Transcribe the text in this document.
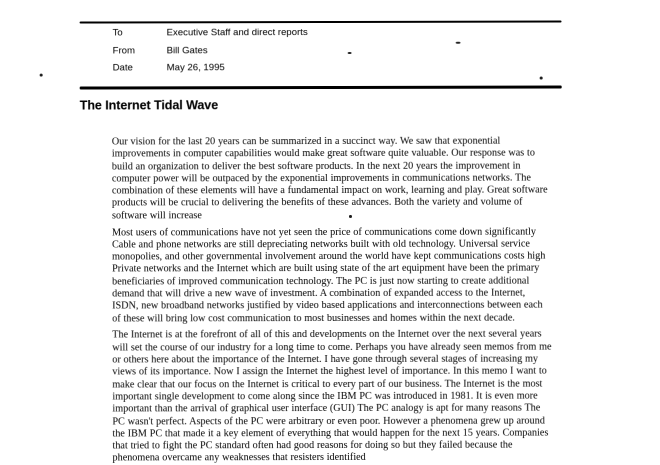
To	Executive Staff and direct reports
From	Bill Gates
Date	May 26, 1995
The Internet Tidal Wave
Our vision for the last 20 years can be summarized in a succinct way. We saw that exponential
improvements in computer capabilities would make great software quite valuable. Our response was to
build an organization to deliver the best software products. In the next 20 years the improvement in
computer power will be outpaced by the exponential improvements in communications networks. The
combination of these elements will have a fundamental impact on work, learning and play. Great software
products will be crucial to delivering the benefits of these advances. Both the variety and volume of
software will increase
Most users of communications have not yet seen the price of communications come down significantly
Cable and phone networks are still depreciating networks built with old technology. Universal service
monopolies, and other governmental involvement around the world have kept communications costs high
Private networks and the Internet which are built using state of the art equipment have been the primary
beneficiaries of improved communication technology. The PC is just now starting to create additional
demand that will drive a new wave of investment. A combination of expanded access to the Internet,
ISDN, new broadband networks justified by video based applications and interconnections between each
of these will bring low cost communication to most businesses and homes within the next decade.
The Internet is at the forefront of all of this and developments on the Internet over the next several years
will set the course of our industry for a long time to come. Perhaps you have already seen memos from me
or others here about the importance of the Internet. I have gone through several stages of increasing my
views of its importance. Now I assign the Internet the highest level of importance. In this memo I want to
make clear that our focus on the Internet is critical to every part of our business. The Internet is the most
important single development to come along since the IBM PC was introduced in 1981. It is even more
important than the arrival of graphical user interface (GUI) The PC analogy is apt for many reasons The
PC wasn't perfect. Aspects of the PC were arbitrary or even poor. However a phenomena grew up around
the IBM PC that made it a key element of everything that would happen for the next 15 years. Companies
that tried to fight the PC standard often had good reasons for doing so but they failed because the
phenomena overcame any weaknesses that resisters identified
